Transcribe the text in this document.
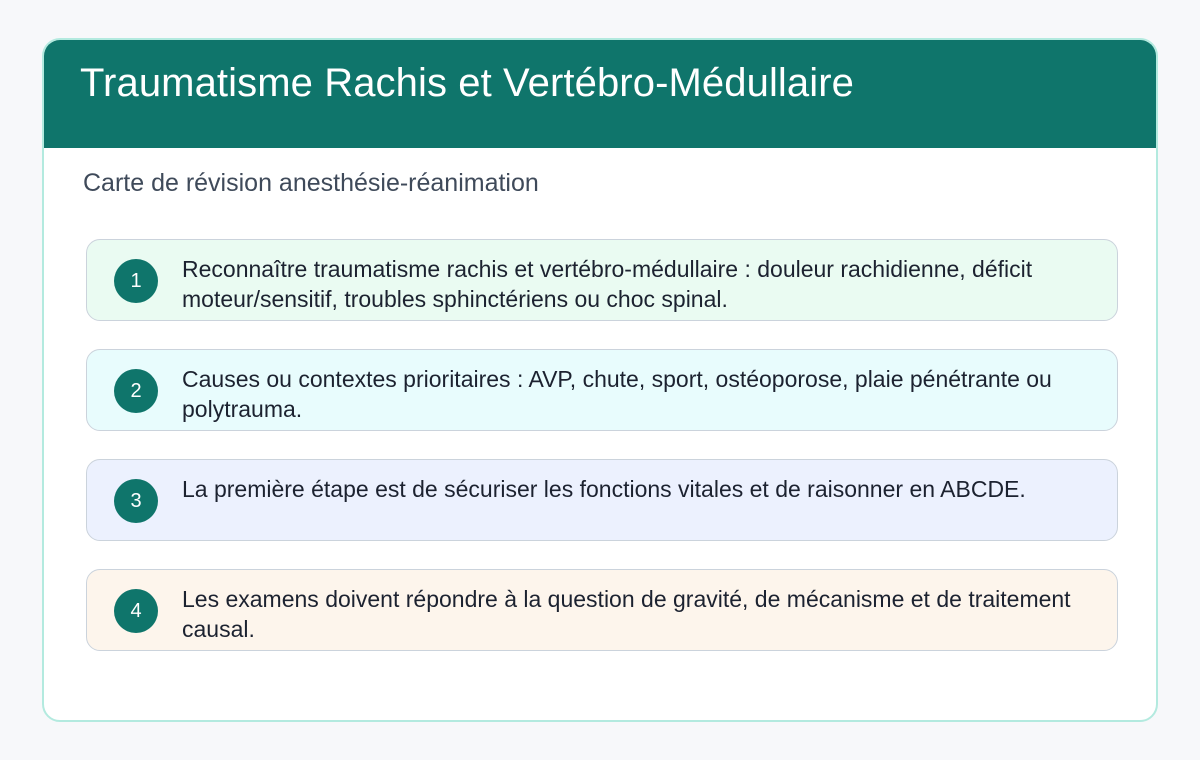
Traumatisme Rachis et Vertébro-Médullaire
Carte de révision anesthésie-réanimation
1	Reconnaître traumatisme rachis et vertébro-médullaire : douleur rachidienne, déficit moteur/sensitif, troubles sphinctériens ou choc spinal.
2	Causes ou contextes prioritaires : AVP, chute, sport, ostéoporose, plaie pénétrante ou polytrauma.
3	La première étape est de sécuriser les fonctions vitales et de raisonner en ABCDE.
4	Les examens doivent répondre à la question de gravité, de mécanisme et de traitement causal.
